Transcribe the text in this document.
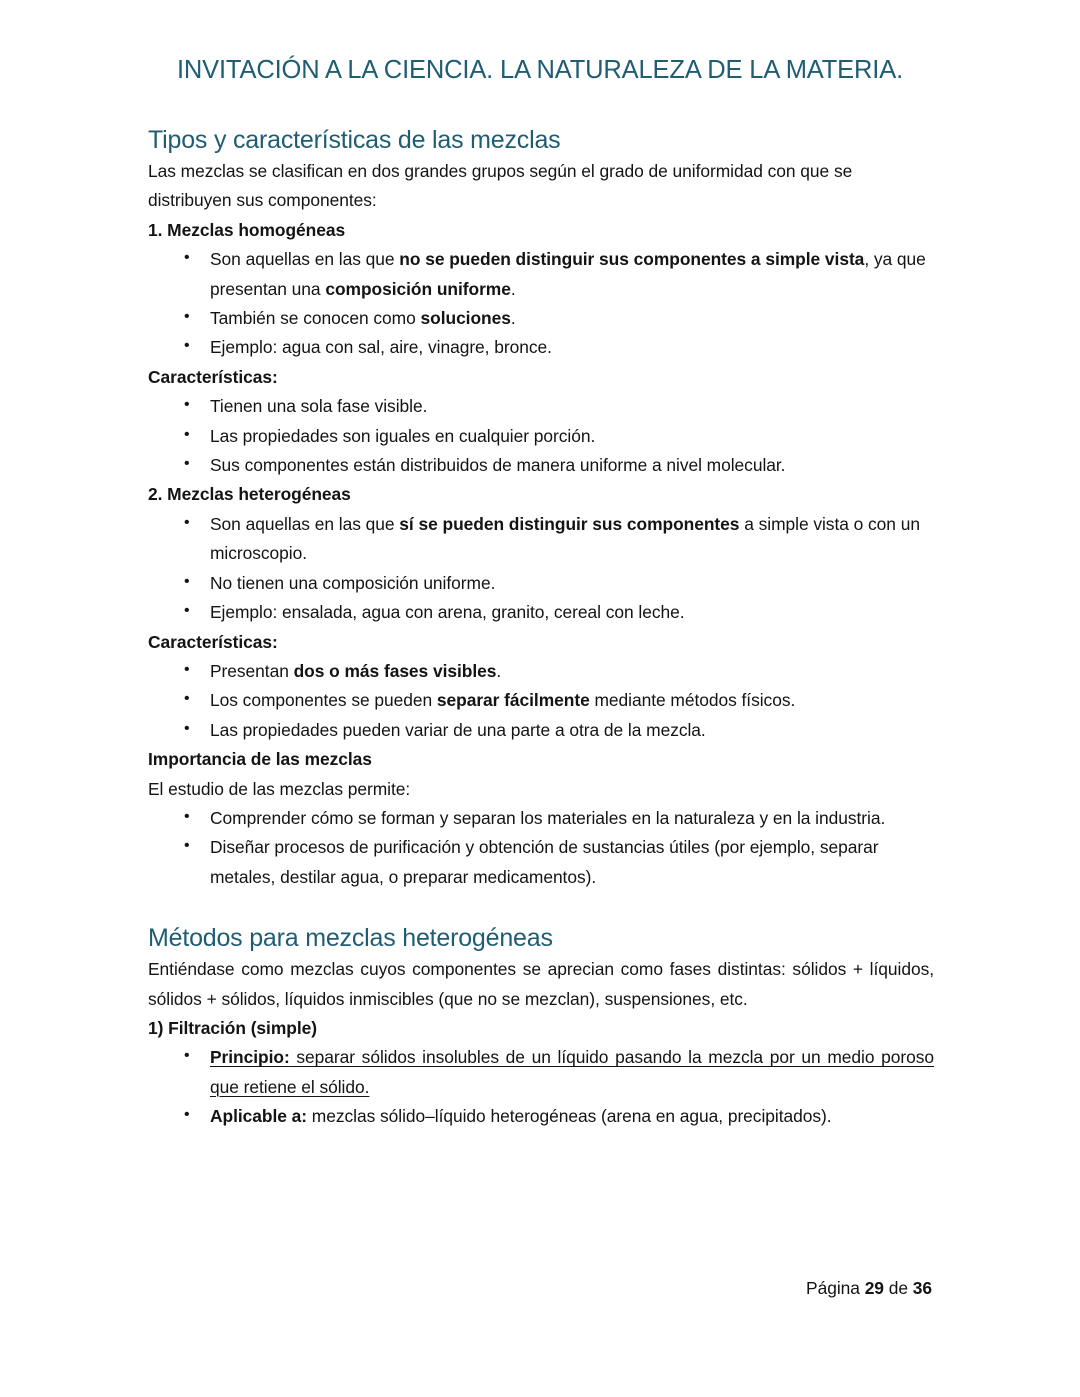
INVITACIÓN A LA CIENCIA. LA NATURALEZA DE LA MATERIA.
Tipos y características de las mezclas

Las mezclas se clasifican en dos grandes grupos según el grado de uniformidad con que se distribuyen sus componentes:

1. Mezclas homogéneas

• Son aquellas en las que no se pueden distinguir sus componentes a simple vista, ya que presentan una composición uniforme.
• También se conocen como soluciones.
• Ejemplo: agua con sal, aire, vinagre, bronce.

Características:

• Tienen una sola fase visible.
• Las propiedades son iguales en cualquier porción.
• Sus componentes están distribuidos de manera uniforme a nivel molecular.

2. Mezclas heterogéneas

• Son aquellas en las que sí se pueden distinguir sus componentes a simple vista o con un microscopio.
• No tienen una composición uniforme.
• Ejemplo: ensalada, agua con arena, granito, cereal con leche.

Características:

• Presentan dos o más fases visibles.
• Los componentes se pueden separar fácilmente mediante métodos físicos.
• Las propiedades pueden variar de una parte a otra de la mezcla.

Importancia de las mezclas

El estudio de las mezclas permite:

• Comprender cómo se forman y separan los materiales en la naturaleza y en la industria.
• Diseñar procesos de purificación y obtención de sustancias útiles (por ejemplo, separar metales, destilar agua, o preparar medicamentos).
Métodos para mezclas heterogéneas

Entiéndase como mezclas cuyos componentes se aprecian como fases distintas: sólidos + líquidos, sólidos + sólidos, líquidos inmiscibles (que no se mezclan), suspensiones, etc.

1) Filtración (simple)

• Principio: separar sólidos insolubles de un líquido pasando la mezcla por un medio poroso que retiene el sólido.
• Aplicable a: mezclas sólido–líquido heterogéneas (arena en agua, precipitados).
Página 29 de 36
